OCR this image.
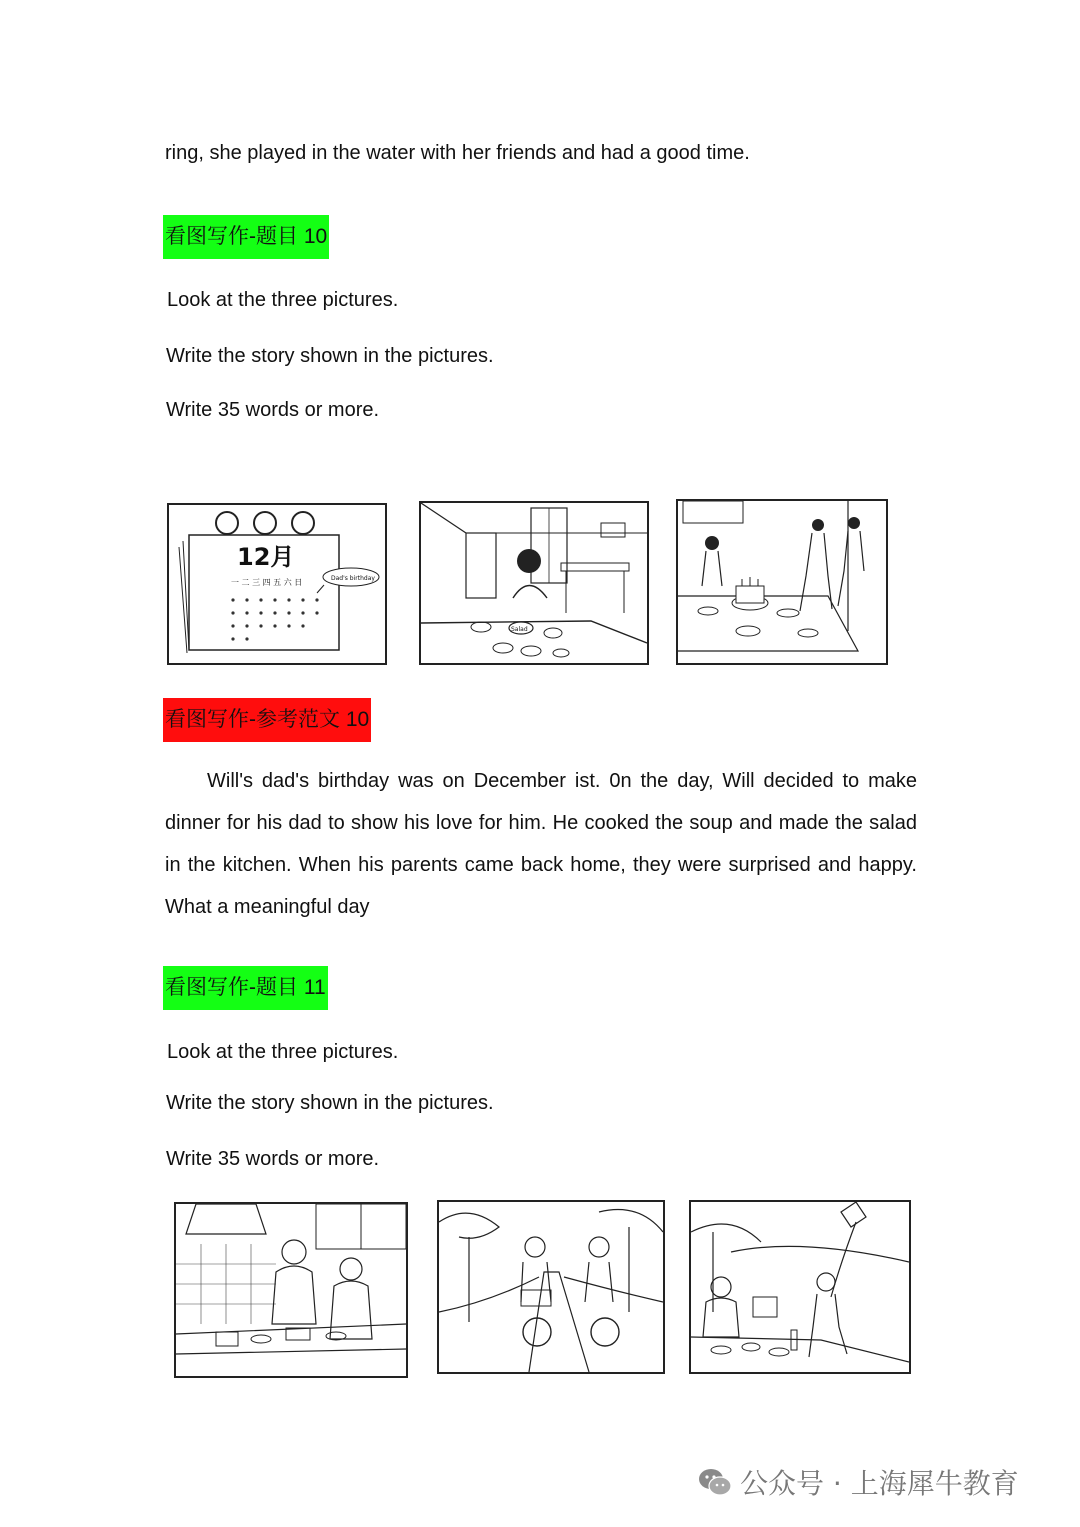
ring, she played in the water with her friends and had a good time.
看图写作-题目 10
Look at the three pictures.
Write the story shown in the pictures.
Write 35 words or more.
12月
一 二 三 四 五 六 日	Dad's birthday
Salad
看图写作-参考范文 10
Will's dad's birthday was on December ist. 0n the day, Will decided to make dinner for his dad to show his love for him. He cooked the soup and made the salad in the kitchen. When his parents came back home, they were surprised and happy. What a meaningful day
看图写作-题目 11
Look at the three pictures.
Write the story shown in the pictures.
Write 35 words or more.
公众号 · 上海犀牛教育
